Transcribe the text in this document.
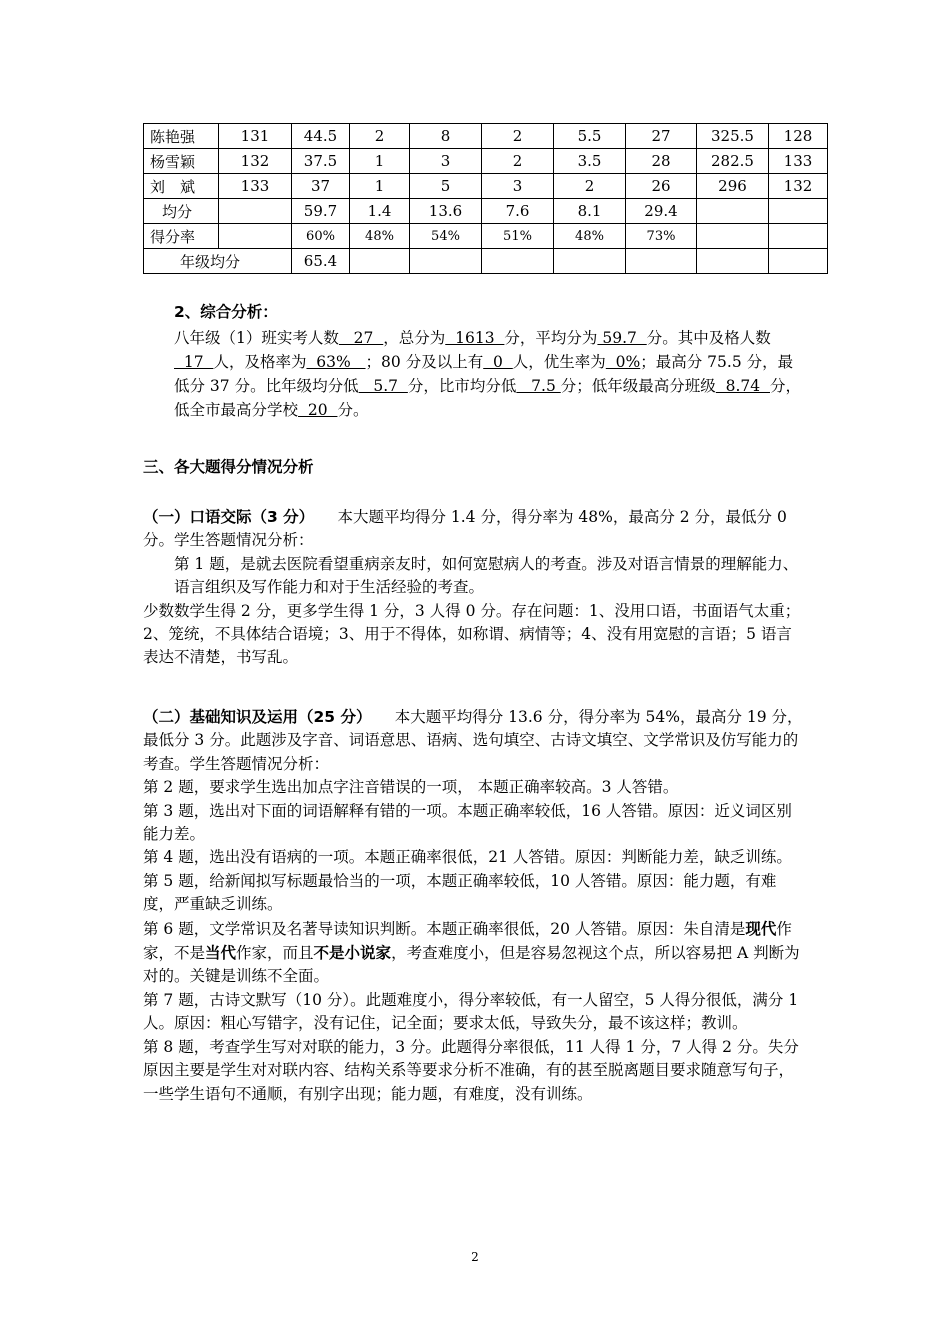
陈艳强	131	44.5	2	8	2	5.5	27	325.5	128
杨雪颖	132	37.5	1	3	2	3.5	28	282.5	133
刘　斌	133	37	1	5	3	2	26	296	132
均分		59.7	1.4	13.6	7.6	8.1	29.4		
得分率		60%	48%	54%	51%	48%	73%		
年级均分		65.4							

2、综合分析：

八年级（1）班实考人数   27  ，总分为  1613  分，平均分为 59.7  分。其中及格人数  17  人，及格率为  63%   ；80 分及以上有  0  人，优生率为  0%；最高分 75.5 分，最低分 37 分。比年级均分低   5.7  分，比市均分低   7.5 分；低年级最高分班级  8.74  分，低全市最高分学校  20  分。

三、各大题得分情况分析

（一）口语交际（3 分）　　本大题平均得分 1.4 分，得分率为 48%，最高分 2 分，最低分 0 分。学生答题情况分析：

第 1 题，是就去医院看望重病亲友时，如何宽慰病人的考查。涉及对语言情景的理解能力、语言组织及写作能力和对于生活经验的考查。

少数数学生得 2 分，更多学生得 1 分，3 人得 0 分。存在问题：1、没用口语，书面语气太重；2、笼统，不具体结合语境；3、用于不得体，如称谓、病情等；4、没有用宽慰的言语；5 语言表达不清楚，书写乱。

（二）基础知识及运用（25 分）　　本大题平均得分 13.6 分，得分率为 54%，最高分 19 分，最低分 3 分。此题涉及字音、词语意思、语病、选句填空、古诗文填空、文学常识及仿写能力的考查。学生答题情况分析：

第 2 题，要求学生选出加点字注音错误的一项， 本题正确率较高。3 人答错。

第 3 题，选出对下面的词语解释有错的一项。本题正确率较低，16 人答错。原因：近义词区别能力差。

第 4 题，选出没有语病的一项。本题正确率很低，21 人答错。原因：判断能力差，缺乏训练。

第 5 题，给新闻拟写标题最恰当的一项，本题正确率较低，10 人答错。原因：能力题，有难度，严重缺乏训练。

第 6 题，文学常识及名著导读知识判断。本题正确率很低，20 人答错。原因：朱自清是现代作家，不是当代作家，而且不是小说家，考查难度小，但是容易忽视这个点，所以容易把 A 判断为对的。关键是训练不全面。

第 7 题，古诗文默写（10 分）。此题难度小，得分率较低，有一人留空，5 人得分很低，满分 1 人。原因：粗心写错字，没有记住，记全面；要求太低，导致失分，最不该这样；教训。

第 8 题，考查学生写对对联的能力，3 分。此题得分率很低，11 人得 1 分，7 人得 2 分。失分原因主要是学生对对联内容、结构关系等要求分析不准确，有的甚至脱离题目要求随意写句子，一些学生语句不通顺，有别字出现；能力题，有难度，没有训练。

2
